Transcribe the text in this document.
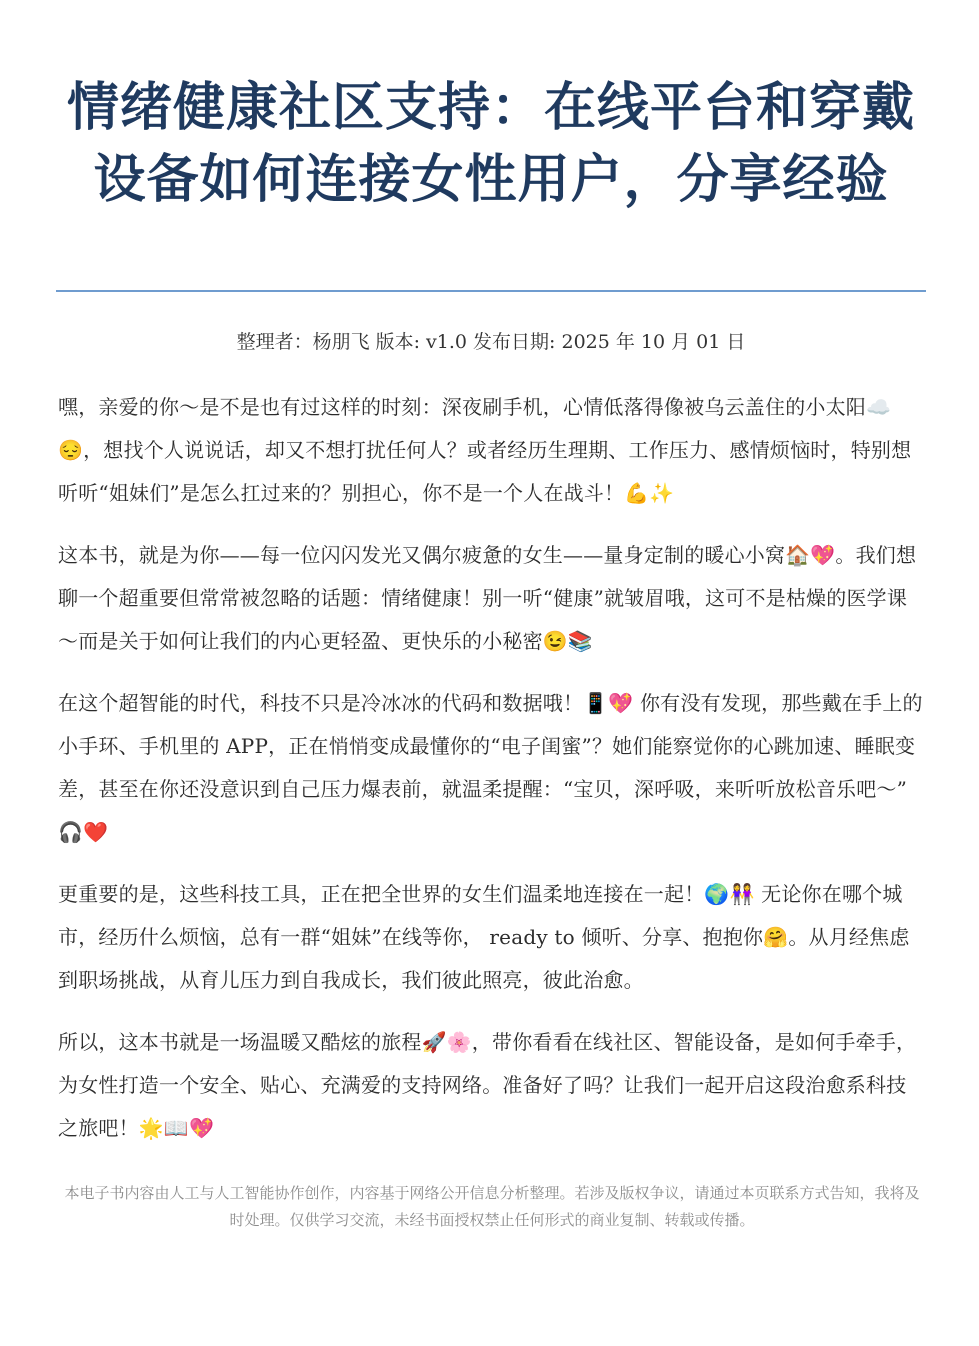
情绪健康社区支持：在线平台和穿戴设备如何连接女性用户，分享经验
整理者：杨朋飞 版本: v1.0 发布日期: 2025 年 10 月 01 日

嘿，亲爱的你～是不是也有过这样的时刻：深夜刷手机，心情低落得像被乌云盖住的小太阳☁️😔，想找个人说说话，却又不想打扰任何人？或者经历生理期、工作压力、感情烦恼时，特别想听听“姐妹们”是怎么扛过来的？别担心，你不是一个人在战斗！💪✨

这本书，就是为你——每一位闪闪发光又偶尔疲惫的女生——量身定制的暖心小窝🏠💖。我们想聊一个超重要但常常被忽略的话题：情绪健康！别一听“健康”就皱眉哦，这可不是枯燥的医学课～而是关于如何让我们的内心更轻盈、更快乐的小秘密😉📚

在这个超智能的时代，科技不只是冷冰冰的代码和数据哦！📱💖 你有没有发现，那些戴在手上的小手环、手机里的 APP，正在悄悄变成最懂你的“电子闺蜜”？她们能察觉你的心跳加速、睡眠变差，甚至在你还没意识到自己压力爆表前，就温柔提醒：“宝贝，深呼吸，来听听放松音乐吧～” 🎧❤️

更重要的是，这些科技工具，正在把全世界的女生们温柔地连接在一起！🌍👭 无论你在哪个城市，经历什么烦恼，总有一群“姐妹”在线等你， ready to 倾听、分享、抱抱你🤗。从月经焦虑到职场挑战，从育儿压力到自我成长，我们彼此照亮，彼此治愈。

所以，这本书就是一场温暖又酷炫的旅程🚀🌸，带你看看在线社区、智能设备，是如何手牵手，为女性打造一个安全、贴心、充满爱的支持网络。准备好了吗？让我们一起开启这段治愈系科技之旅吧！🌟📖💖

本电子书内容由人工与人工智能协作创作，内容基于网络公开信息分析整理。若涉及版权争议，请通过本页联系方式告知，我将及时处理。仅供学习交流，未经书面授权禁止任何形式的商业复制、转载或传播。
